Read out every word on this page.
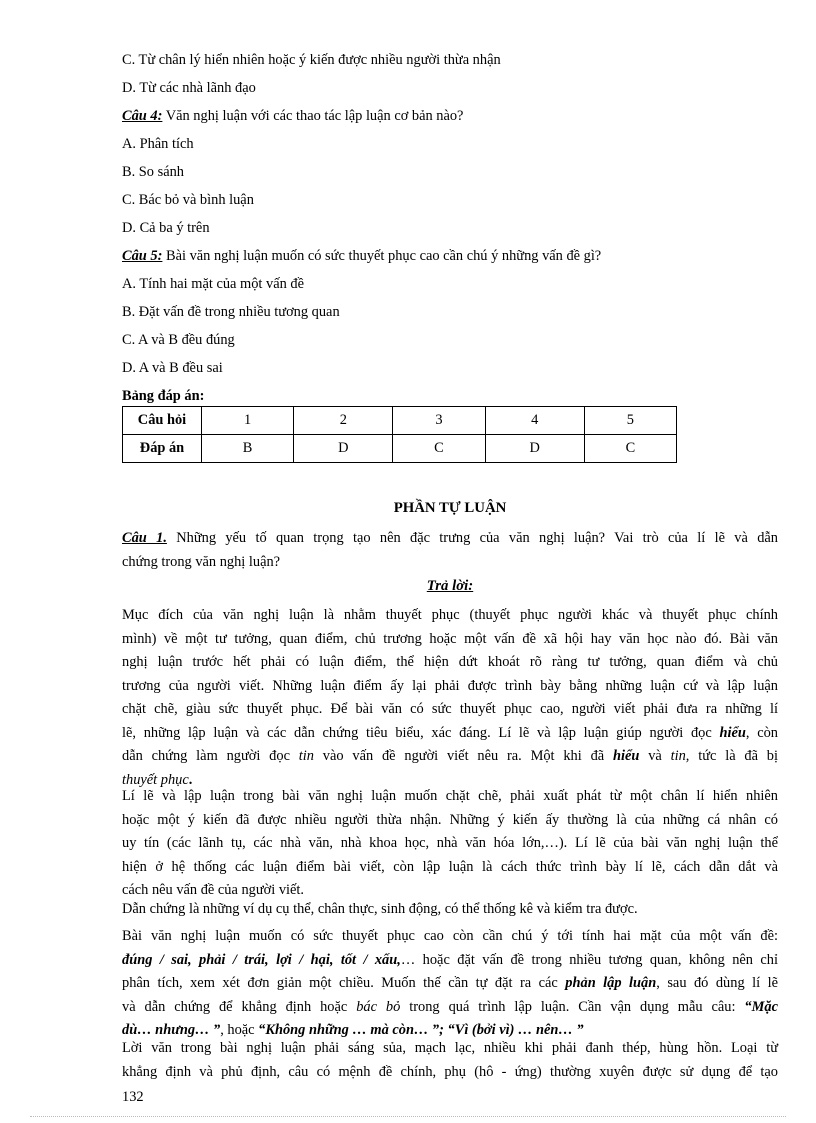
C. Từ chân lý hiển nhiên hoặc ý kiến được nhiều người thừa nhận
D. Từ các nhà lãnh đạo
Câu 4: Văn nghị luận với các thao tác lập luận cơ bản nào?
A. Phân tích
B. So sánh
C. Bác bỏ và bình luận
D. Cả ba ý trên
Câu 5: Bài văn nghị luận muốn có sức thuyết phục cao cần chú ý những vấn đề gì?
A. Tính hai mặt của một vấn đề
B. Đặt vấn đề trong nhiều tương quan
C. A và B đều đúng
D. A và B đều sai
Bảng đáp án:
Câu hỏi	1	2	3	4	5
Đáp án	B	D	C	D	C
PHẦN TỰ LUẬN
Câu 1. Những yếu tố quan trọng tạo nên đặc trưng của văn nghị luận? Vai trò của lí lẽ và dẫn
chứng trong văn nghị luận?
Trả lời:
Mục đích của văn nghị luận là nhằm thuyết phục (thuyết phục người khác và thuyết phục chính
mình) về một tư tưởng, quan điểm, chủ trương hoặc một vấn đề xã hội hay văn học nào đó. Bài văn
nghị luận trước hết phải có luận điểm, thể hiện dứt khoát rõ ràng tư tưởng, quan điểm và chủ
trương của người viết. Những luận điểm ấy lại phải được trình bày bằng những luận cứ và lập luận
chặt chẽ, giàu sức thuyết phục. Để bài văn có sức thuyết phục cao, người viết phải đưa ra những lí
lẽ, những lập luận và các dẫn chứng tiêu biểu, xác đáng. Lí lẽ và lập luận giúp người đọc hiểu, còn
dẫn chứng làm người đọc tin vào vấn đề người viết nêu ra. Một khi đã hiểu và tin, tức là đã bị
thuyết phục.
Lí lẽ và lập luận trong bài văn nghị luận muốn chặt chẽ, phải xuất phát từ một chân lí hiển nhiên
hoặc một ý kiến đã được nhiều người thừa nhận. Những ý kiến ấy thường là của những cá nhân có
uy tín (các lãnh tụ, các nhà văn, nhà khoa học, nhà văn hóa lớn,…). Lí lẽ của bài văn nghị luận thể
hiện ở hệ thống các luận điểm bài viết, còn lập luận là cách thức trình bày lí lẽ, cách dẫn dắt và
cách nêu vấn đề của người viết.
Dẫn chứng là những ví dụ cụ thể, chân thực, sinh động, có thể thống kê và kiểm tra được.
Bài văn nghị luận muốn có sức thuyết phục cao còn cần chú ý tới tính hai mặt của một vấn đề:
đúng / sai, phải / trái, lợi / hại, tốt / xấu,… hoặc đặt vấn đề trong nhiều tương quan, không nên chỉ
phân tích, xem xét đơn giản một chiều. Muốn thế cần tự đặt ra các phản lập luận, sau đó dùng lí lẽ
và dẫn chứng để khẳng định hoặc bác bỏ trong quá trình lập luận. Cần vận dụng mẫu câu: “Mặc
dù… nhưng… ”, hoặc “Không những … mà còn… ”; “Vì (bởi vì) … nên… ”
Lời văn trong bài nghị luận phải sáng sủa, mạch lạc, nhiều khi phải đanh thép, hùng hồn. Loại từ
khẳng định và phủ định, câu có mệnh đề chính, phụ (hô - ứng) thường xuyên được sử dụng để tạo
132
